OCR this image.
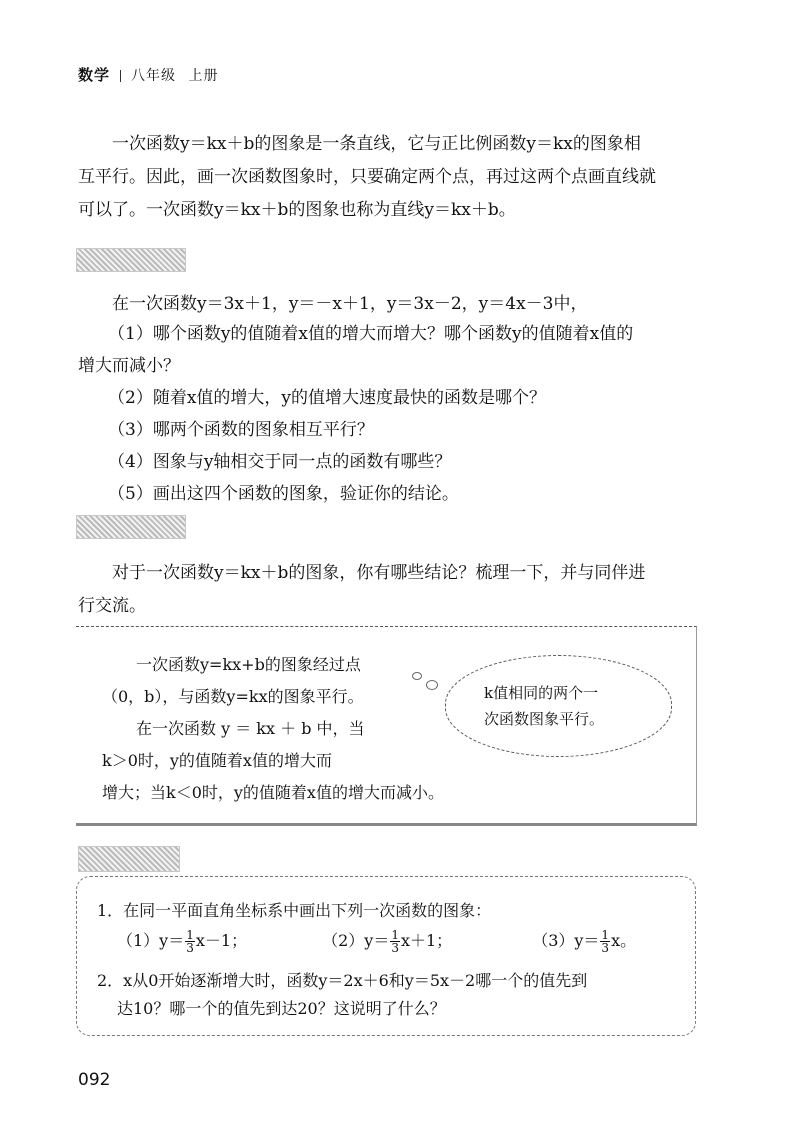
数学 八年级 上册

一次函数y＝kx＋b的图象是一条直线，它与正比例函数y＝kx的图象相

互平行。因此，画一次函数图象时，只要确定两个点，再过这两个点画直线就

可以了。一次函数y＝kx＋b的图象也称为直线y＝kx＋b。

在一次函数y＝3x＋1，y＝－x＋1，y＝3x－2，y＝4x－3中，

（1）哪个函数y的值随着x值的增大而增大？哪个函数y的值随着x值的

增大而减小？

（2）随着x值的增大，y的值增大速度最快的函数是哪个？

（3）哪两个函数的图象相互平行？

（4）图象与y轴相交于同一点的函数有哪些？

（5）画出这四个函数的图象，验证你的结论。

对于一次函数y＝kx＋b的图象，你有哪些结论？梳理一下，并与同伴进

行交流。

一次函数y=kx+b的图象经过点
（0，b），与函数y=kx的图象平行。
在一次函数 y ＝ kx ＋ b 中，当
k＞0时，y的值随着x值的增大而
增大；当k＜0时，y的值随着x值的增大而减小。
k值相同的两个一
次函数图象平行。
1．在同一平面直角坐标系中画出下列一次函数的图象：
$(1)y= \frac{1}{3} x-1$；	$(2)y= \frac{1}{3} x+1$；	$(3)y= \frac{1}{3}$ x。
2．x从0开始逐渐增大时，函数y＝2x＋6和y＝5x－2哪一个的值先到
达10？哪一个的值先到达20？这说明了什么？
092
